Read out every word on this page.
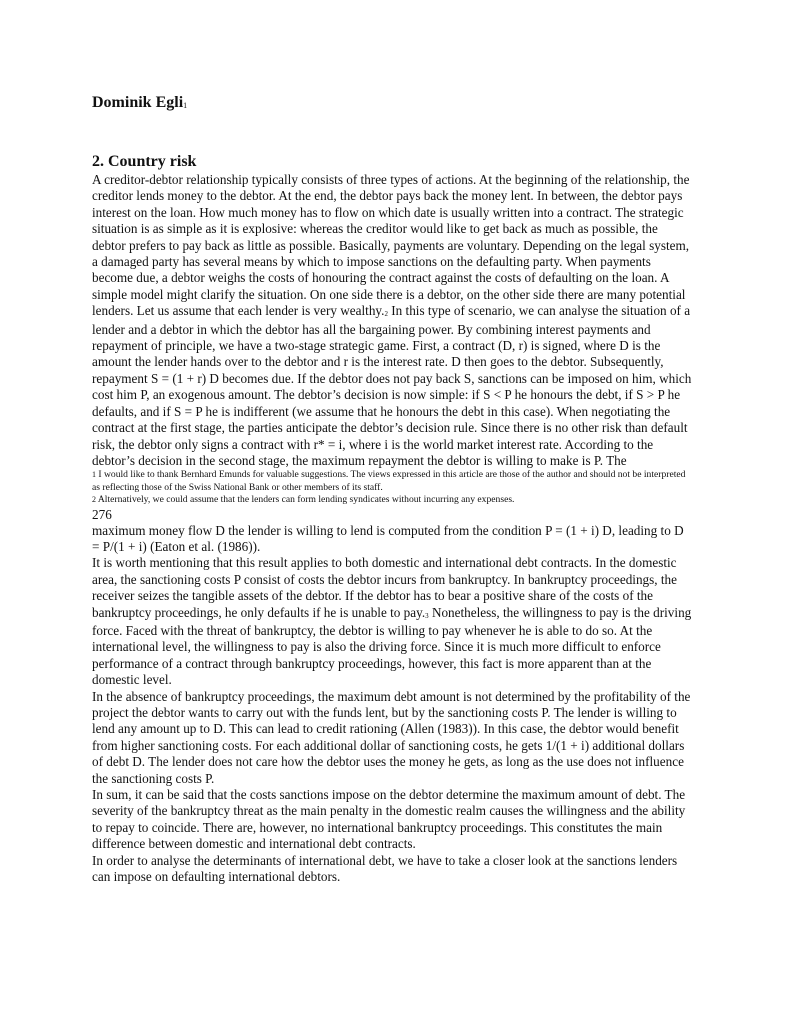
Dominik Egli$^1$
2. Country risk

A creditor-debtor relationship typically consists of three types of actions. At the beginning of the relationship, the creditor lends money to the debtor. At the end, the debtor pays back the money lent. In between, the debtor pays interest on the loan. How much money has to flow on which date is usually written into a contract. The strategic situation is as simple as it is explosive: whereas the creditor would like to get back as much as possible, the debtor prefers to pay back as little as possible. Basically, payments are voluntary. Depending on the legal system, a damaged party has several means by which to impose sanctions on the defaulting party. When payments become due, a debtor weighs the costs of honouring the contract against the costs of defaulting on the loan. A simple model might clarify the situation. On one side there is a debtor, on the other side there are many potential lenders. Let us assume that each lender is very wealthy.$^2$ In this type of scenario, we can analyse the situation of a lender and a debtor in which the debtor has all the bargaining power. By combining interest payments and repayment of principle, we have a two-stage strategic game. First, a contract (D, r) is signed, where D is the amount the lender hands over to the debtor and r is the interest rate. D then goes to the debtor. Subsequently, repayment S = (1 + r) D becomes due. If the debtor does not pay back S, sanctions can be imposed on him, which cost him P, an exogenous amount. The debtor’s decision is now simple: if S < P he honours the debt, if S > P he defaults, and if S = P he is indifferent (we assume that he honours the debt in this case). When negotiating the contract at the first stage, the parties anticipate the debtor’s decision rule. Since there is no other risk than default risk, the debtor only signs a contract with r* = i, where i is the world market interest rate. According to the debtor’s decision in the second stage, the maximum repayment the debtor is willing to make is P. The

1 I would like to thank Bernhard Emunds for valuable suggestions. The views expressed in this article are those of the author and should not be interpreted as reflecting those of the Swiss National Bank or other members of its staff.

2 Alternatively, we could assume that the lenders can form lending syndicates without incurring any expenses.

276

maximum money flow D the lender is willing to lend is computed from the condition P = (1 + i) D, leading to D = P/(1 + i) (Eaton et al. (1986)).

It is worth mentioning that this result applies to both domestic and international debt contracts. In the domestic area, the sanctioning costs P consist of costs the debtor incurs from bankruptcy. In bankruptcy proceedings, the receiver seizes the tangible assets of the debtor. If the debtor has to bear a positive share of the costs of the bankruptcy proceedings, he only defaults if he is unable to pay.$^3$ Nonetheless, the willingness to pay is the driving force. Faced with the threat of bankruptcy, the debtor is willing to pay whenever he is able to do so. At the international level, the willingness to pay is also the driving force. Since it is much more difficult to enforce performance of a contract through bankruptcy proceedings, however, this fact is more apparent than at the domestic level.

In the absence of bankruptcy proceedings, the maximum debt amount is not determined by the profitability of the project the debtor wants to carry out with the funds lent, but by the sanctioning costs P. The lender is willing to lend any amount up to D. This can lead to credit rationing (Allen (1983)). In this case, the debtor would benefit from higher sanctioning costs. For each additional dollar of sanctioning costs, he gets 1/(1 + i) additional dollars of debt D. The lender does not care how the debtor uses the money he gets, as long as the use does not influence the sanctioning costs P.

In sum, it can be said that the costs sanctions impose on the debtor determine the maximum amount of debt. The severity of the bankruptcy threat as the main penalty in the domestic realm causes the willingness and the ability to repay to coincide. There are, however, no international bankruptcy proceedings. This constitutes the main difference between domestic and international debt contracts.

In order to analyse the determinants of international debt, we have to take a closer look at the sanctions lenders can impose on defaulting international debtors.
